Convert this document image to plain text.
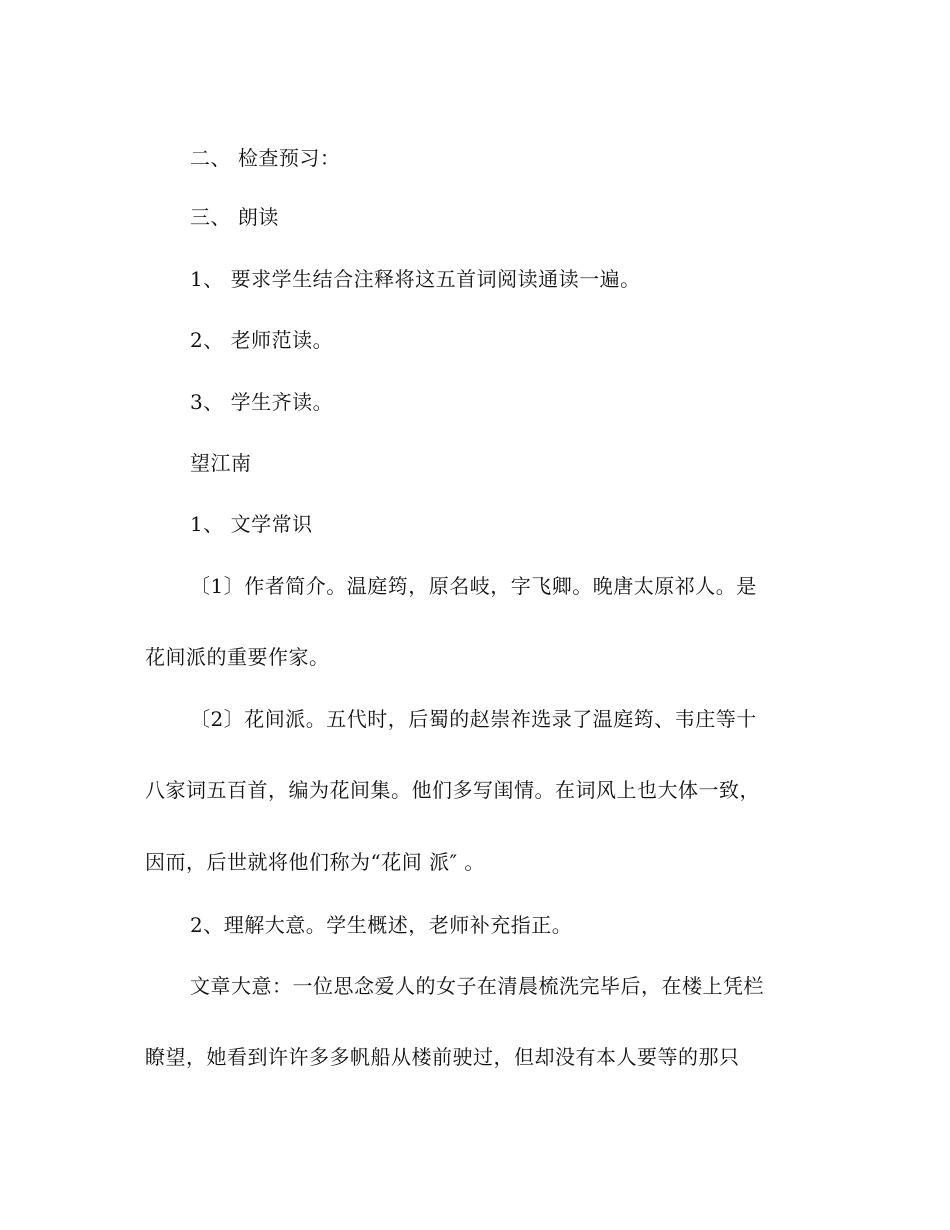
二、 检查预习：
三、 朗读
1、 要求学生结合注释将这五首词阅读通读一遍。
2、 老师范读。
3、 学生齐读。
望江南
1、 文学常识
〔1〕作者简介。温庭筠，原名岐，字飞卿。晚唐太原祁人。是
花间派的重要作家。
〔2〕花间派。五代时，后蜀的赵崇祚选录了温庭筠、韦庄等十
八家词五百首，编为花间集。他们多写闺情。在词风上也大体一致，
因而，后世就将他们称为“花间 派″ 。
2、理解大意。学生概述，老师补充指正。
文章大意：一位思念爱人的女子在清晨梳洗完毕后，在楼上凭栏
瞭望，她看到许许多多帆船从楼前驶过，但却没有本人要等的那只
